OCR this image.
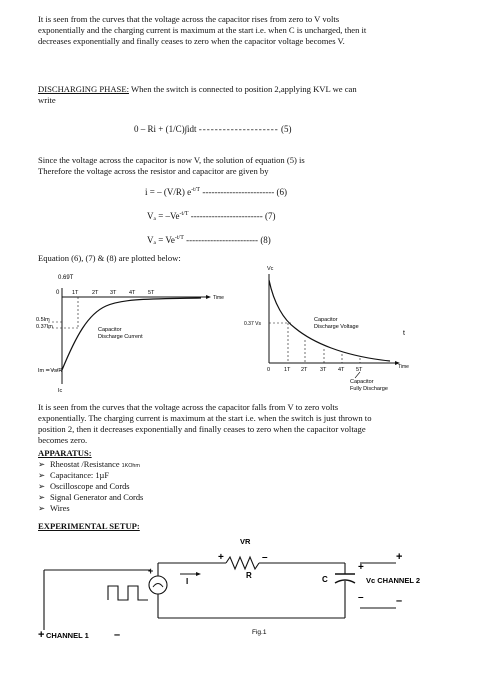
It is seen from the curves that the voltage across the capacitor rises from zero to V volts
exponentially and the charging current is maximum at the start i.e. when C is uncharged, then it
decreases exponentially and finally ceases to zero when the capacitor voltage becomes V.
DISCHARGING PHASE: When the switch is connected to position 2,applying KVL we can
write
0 – Ri + (1/C)∫idt -------------------- (5)
Since the voltage across the capacitor is now V, the solution of equation (5) is
Therefore the voltage across the resistor and capacitor are given by
i = – (V/R) $e^{-t/T}$ ------------------------ (6)
$V_a = -Ve^{-t/T}$ ------------------------ (7)
$V_a = Ve^{-t/T}$ ------------------------ (8)
Equation (6), (7) & (8) are plotted below:
0.69T
0 1T 2T 3T 4T 5T
Time
0.5Im
0.37Im
Im = Vs/R
Ic
Capacitor
Discharge Current
Vc
0.37 Vs
Capacitor
Discharge Voltage
0	1T 2T 3T 4T 5T	Time
Capacitor
Fully Discharge
t
It is seen from the curves that the voltage across the capacitor falls from V to zero volts
exponentially. The charging current is maximum at the start i.e. when the switch is just thrown to
position 2, then it decreases exponentially and finally ceases to zero when the capacitor voltage
becomes zero.
APPARATUS:
➢ Rheostat /Resistance 1KOhm
➢ Capacitance: 1µF
➢ Oscilloscope and Cords
➢ Signal Generator and Cords
➢ Wires
EXPERIMENTAL SETUP:
I
VR
+	–
R
+
C
+
+
–
Vc CHANNEL 2
–
+ CHANNEL 1 –	Fig.1
